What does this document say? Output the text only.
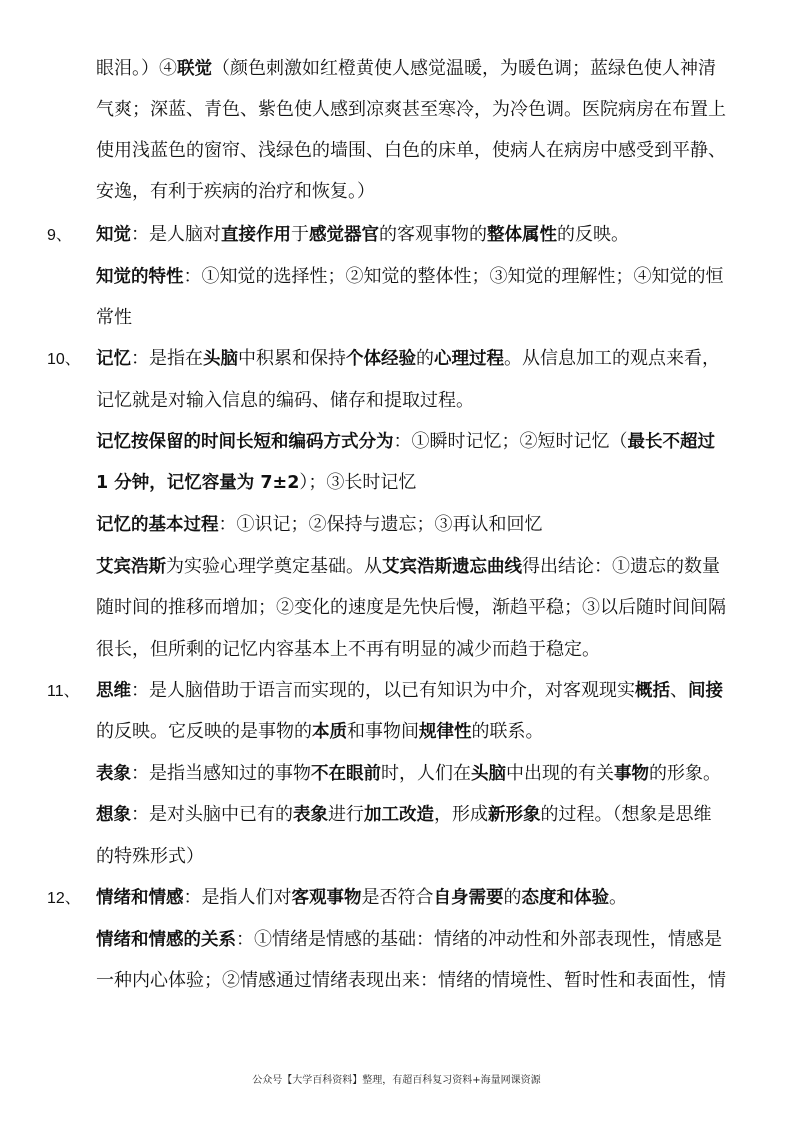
眼泪。）④联觉（颜色刺激如红橙黄使人感觉温暖，为暖色调；蓝绿色使人神清
气爽；深蓝、青色、紫色使人感到凉爽甚至寒冷，为冷色调。医院病房在布置上
使用浅蓝色的窗帘、浅绿色的墙围、白色的床单，使病人在病房中感受到平静、
安逸，有利于疾病的治疗和恢复。）
9、	知觉：是人脑对直接作用于感觉器官的客观事物的整体属性的反映。
知觉的特性：①知觉的选择性；②知觉的整体性；③知觉的理解性；④知觉的恒
常性
10、 记忆：是指在头脑中积累和保持个体经验的心理过程。从信息加工的观点来看，
记忆就是对输入信息的编码、储存和提取过程。
记忆按保留的时间长短和编码方式分为：①瞬时记忆；②短时记忆（最长不超过
1 分钟，记忆容量为 7±2）；③长时记忆
记忆的基本过程：①识记；②保持与遗忘；③再认和回忆
艾宾浩斯为实验心理学奠定基础。从艾宾浩斯遗忘曲线得出结论：①遗忘的数量
随时间的推移而增加；②变化的速度是先快后慢，渐趋平稳；③以后随时间间隔
很长，但所剩的记忆内容基本上不再有明显的减少而趋于稳定。
11、 思维：是人脑借助于语言而实现的，以已有知识为中介，对客观现实概括、间接
的反映。它反映的是事物的本质和事物间规律性的联系。
表象：是指当感知过的事物不在眼前时，人们在头脑中出现的有关事物的形象。
想象：是对头脑中已有的表象进行加工改造，形成新形象的过程。（想象是思维
的特殊形式）
12、 情绪和情感：是指人们对客观事物是否符合自身需要的态度和体验。
情绪和情感的关系：①情绪是情感的基础：情绪的冲动性和外部表现性，情感是
一种内心体验；②情感通过情绪表现出来：情绪的情境性、暂时性和表面性，情
公众号【大学百科资料】整理，有超百科复习资料+海量网课资源
